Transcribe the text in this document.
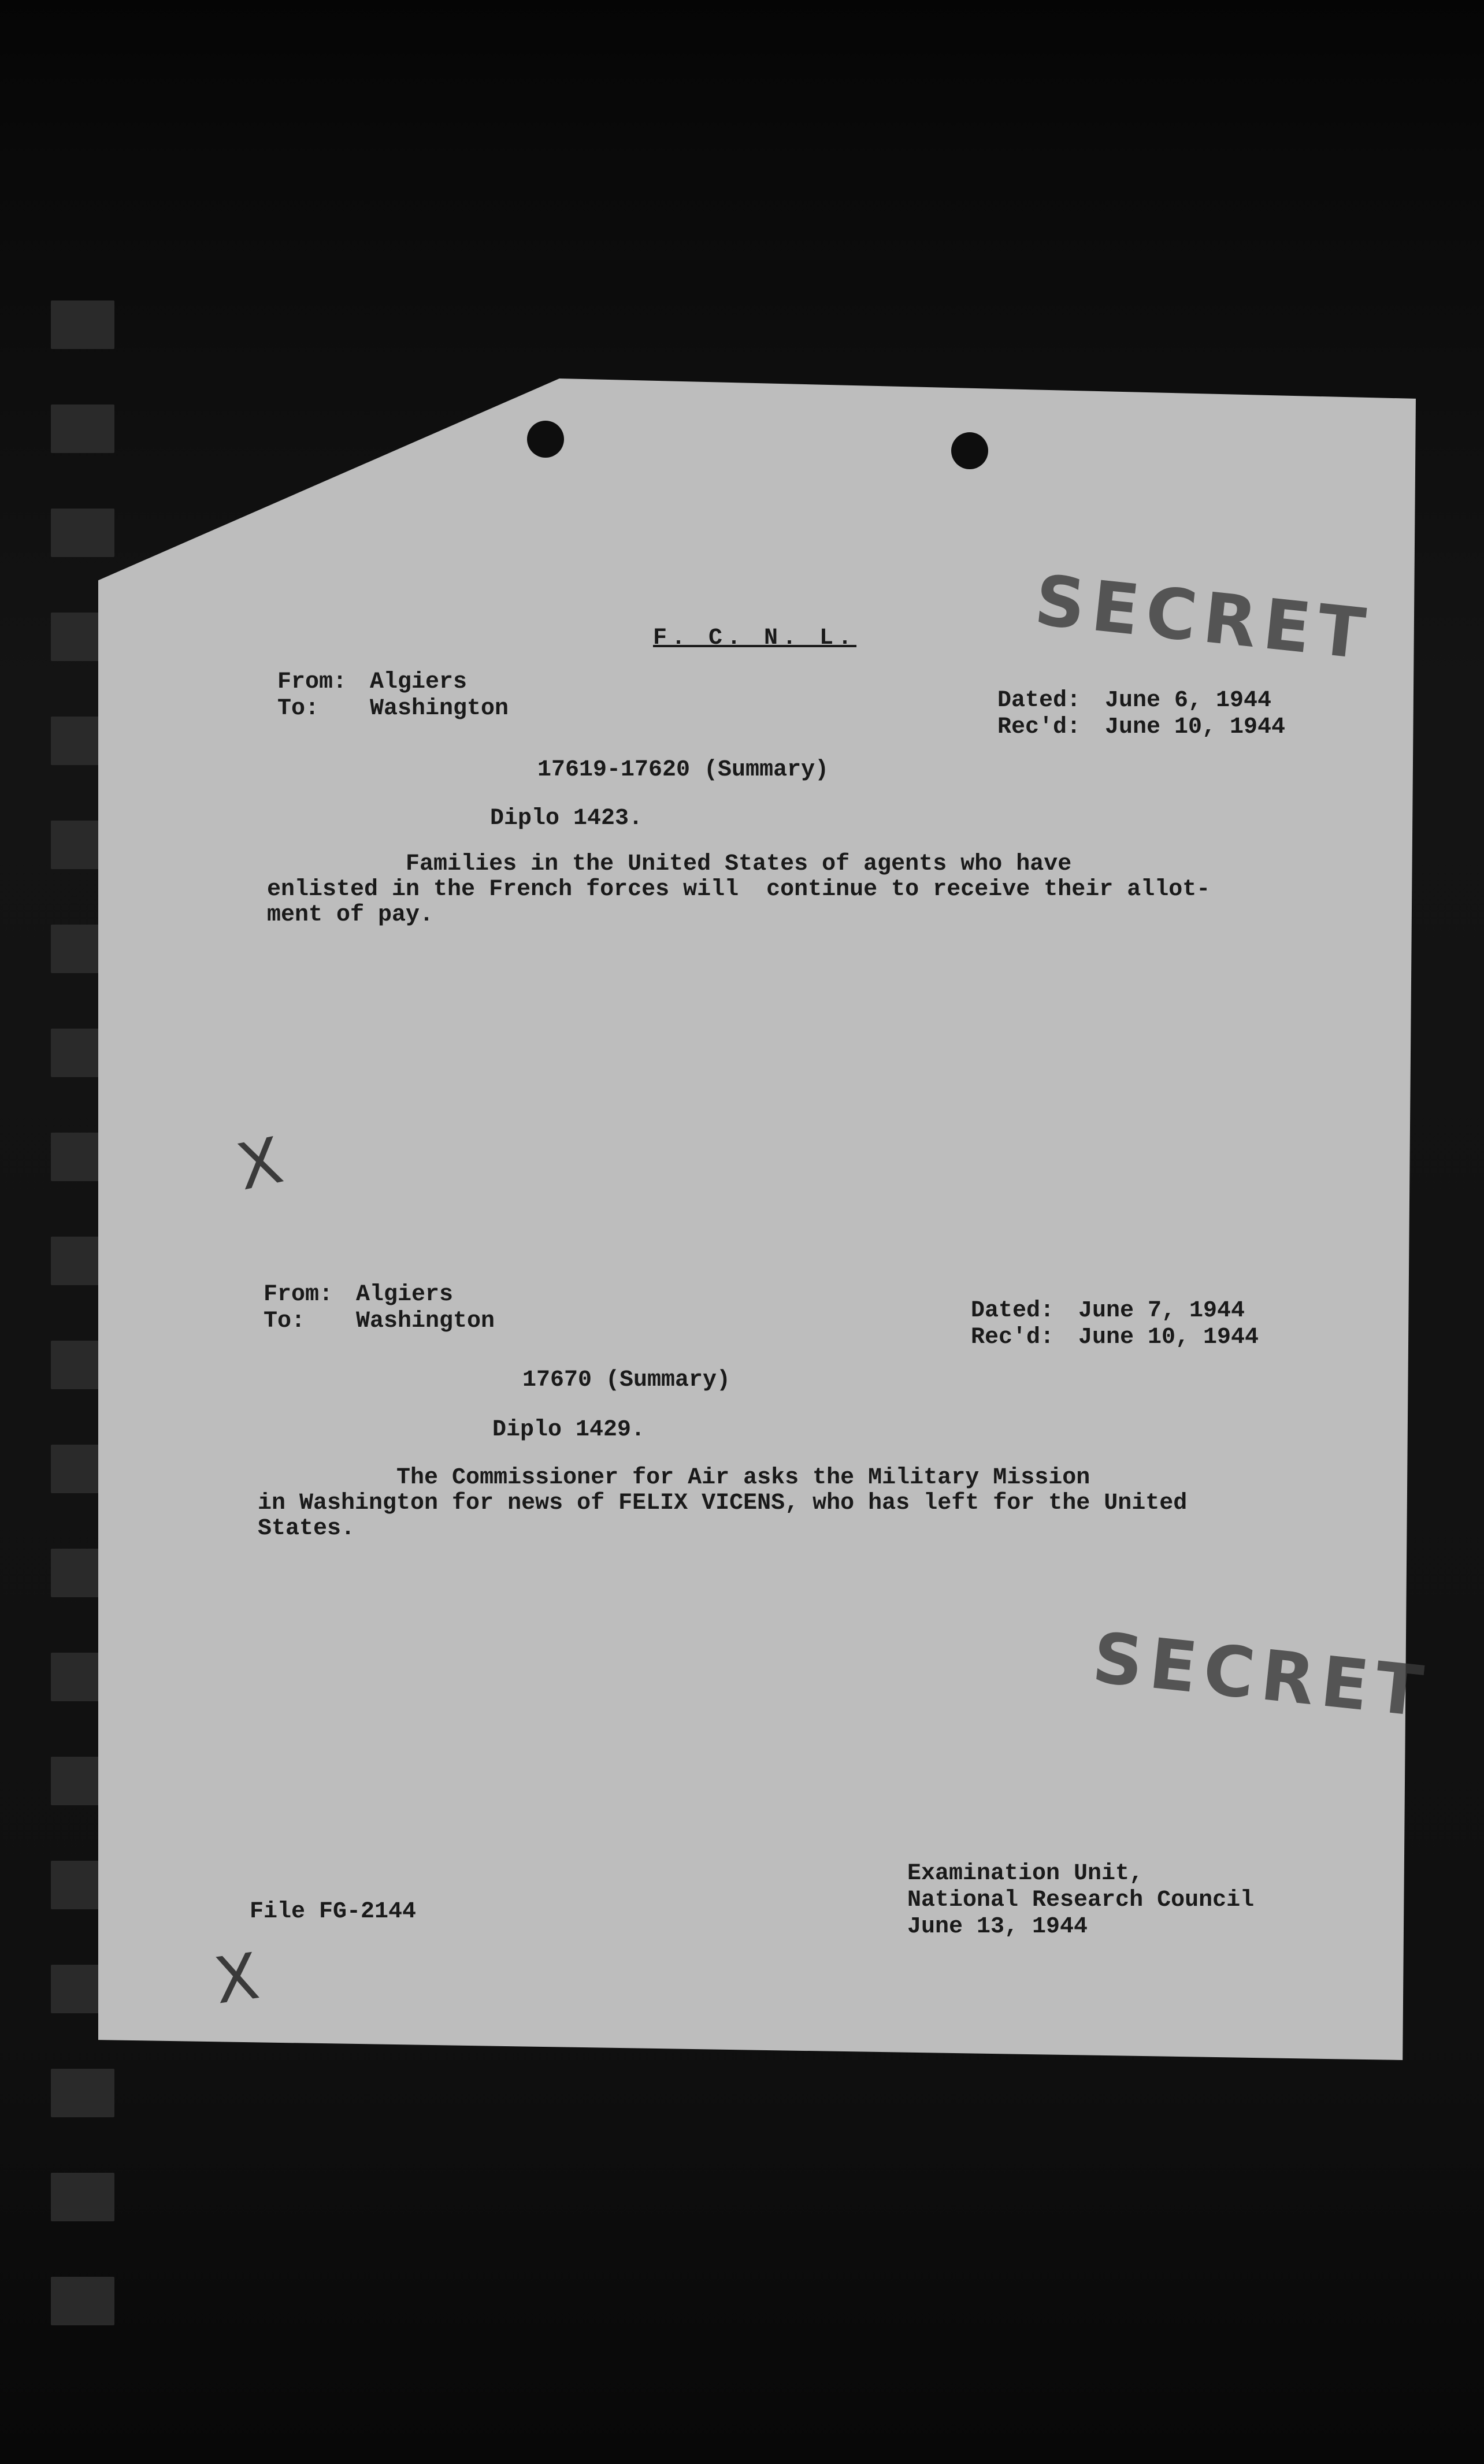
F. C. N. L.	SECRET
SECRET
From: Algiers
To: Washington	Dated: June 6, 1944
Rec'd: June 10, 1944
17619-17620 (Summary)
Diplo 1423.
Families in the United States of agents who have
enlisted in the French forces will  continue to receive their allot-
ment of pay.
X
From: Algiers
To: Washington	Dated: June 7, 1944
Rec'd: June 10, 1944
17670 (Summary)
Diplo 1429.
The Commissioner for Air asks the Military Mission
in Washington for news of FELIX VICENS, who has left for the United
States.
File FG-2144
Examination Unit,
National Research Council
June 13, 1944
X
